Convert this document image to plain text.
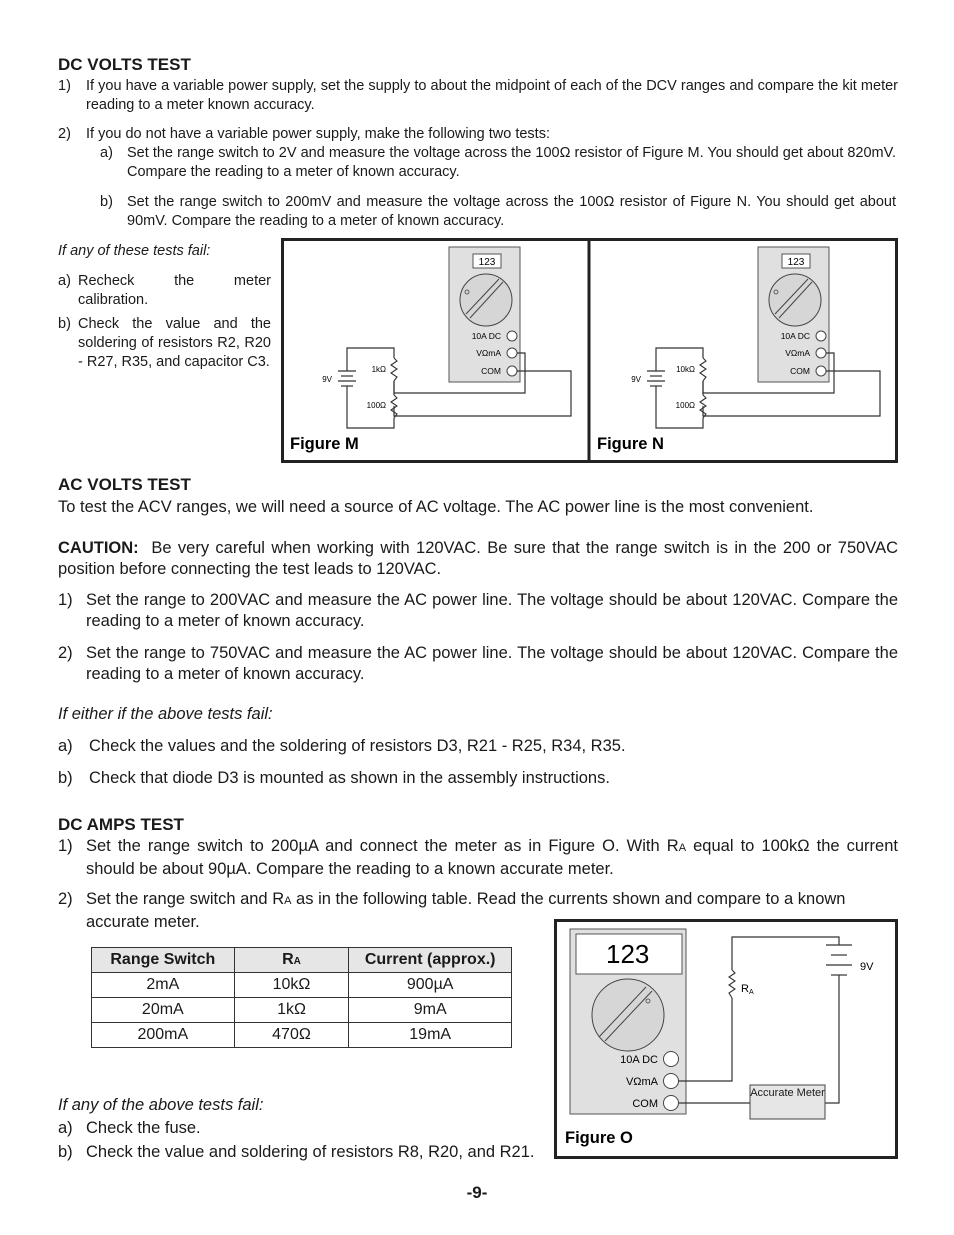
DC VOLTS TEST
1) If you have a variable power supply, set the supply to about the midpoint of each of the DCV ranges and compare the kit meter reading to a meter known accuracy.
2) If you do not have a variable power supply, make the following two tests:
a) Set the range switch to 2V and measure the voltage across the 100Ω resistor of Figure M. You should get about 820mV. Compare the reading to a meter of known accuracy.
b) Set the range switch to 200mV and measure the voltage across the 100Ω resistor of Figure N. You should get about 90mV. Compare the reading to a meter of known accuracy.
If any of these tests fail:
a) Recheck the meter calibration.
b) Check the value and the soldering of resistors R2, R20 - R27, R35, and capacitor C3.
123
10A DC
VΩmA
COM
1kΩ
100Ω
9V
Figure M
123
10A DC
VΩmA
COM
10kΩ
100Ω
9V
Figure N
AC VOLTS TEST
To test the ACV ranges, we will need a source of AC voltage. The AC power line is the most convenient.
CAUTION: Be very careful when working with 120VAC. Be sure that the range switch is in the 200 or 750VAC position before connecting the test leads to 120VAC.
1) Set the range to 200VAC and measure the AC power line. The voltage should be about 120VAC. Compare the reading to a meter of known accuracy.
2) Set the range to 750VAC and measure the AC power line. The voltage should be about 120VAC. Compare the reading to a meter of known accuracy.
If either if the above tests fail:
a) Check the values and the soldering of resistors D3, R21 - R25, R34, R35.
b) Check that diode D3 is mounted as shown in the assembly instructions.
DC AMPS TEST
1) Set the range switch to 200µA and connect the meter as in Figure O. With RA equal to 100kΩ the current should be about 90µA. Compare the reading to a known accurate meter.
2) Set the range switch and RA as in the following table. Read the currents shown and compare to a known accurate meter.
Range Switch	RA	Current (approx.)
2mA	10kΩ	900µA
20mA	1kΩ	9mA
200mA	470Ω	19mA
If any of the above tests fail:
a) Check the fuse.
b) Check the value and soldering of resistors R8, R20, and R21.
123
10A DC
VΩmA
COM
RA
9V
Accurate Meter
Figure O
-9-
